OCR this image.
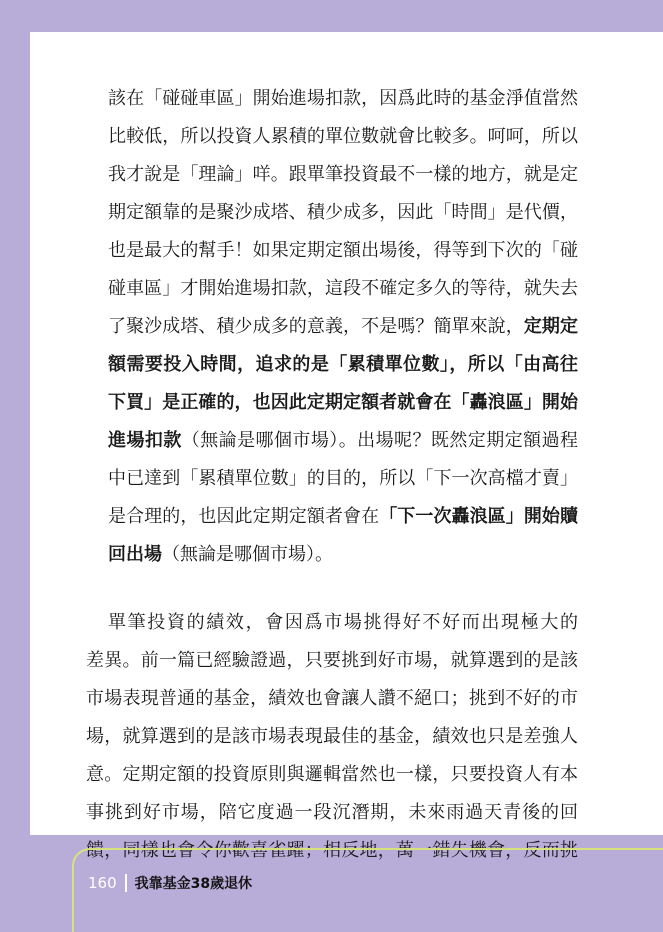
該在「碰碰車區」開始進場扣款，因爲此時的基金淨值當然
比較低，所以投資人累積的單位數就會比較多。呵呵，所以
我才說是「理論」咩。跟單筆投資最不一樣的地方，就是定
期定額靠的是聚沙成塔、積少成多，因此「時間」是代價，
也是最大的幫手！如果定期定額出場後，得等到下次的「碰
碰車區」才開始進場扣款，這段不確定多久的等待，就失去
了聚沙成塔、積少成多的意義，不是嗎？簡單來說，定期定
額需要投入時間，追求的是「累積單位數」，所以「由高往
下買」是正確的，也因此定期定額者就會在「轟浪區」開始
進場扣款（無論是哪個市場）。出場呢？既然定期定額過程
中已達到「累積單位數」的目的，所以「下一次高檔才賣」
是合理的，也因此定期定額者會在「下一次轟浪區」開始贖
回出場（無論是哪個市場）。
單筆投資的績效，會因爲市場挑得好不好而出現極大的
差異。前一篇已經驗證過，只要挑到好市場，就算選到的是該
市場表現普通的基金，績效也會讓人讚不絕口；挑到不好的市
場，就算選到的是該市場表現最佳的基金，績效也只是差強人
意。定期定額的投資原則與邏輯當然也一樣，只要投資人有本
事挑到好市場，陪它度過一段沉潛期，未來雨過天青後的回
饋，同樣也會令你歡喜雀躍；相反地，萬一錯失機會，反而挑
160 我靠基金38歲退休
